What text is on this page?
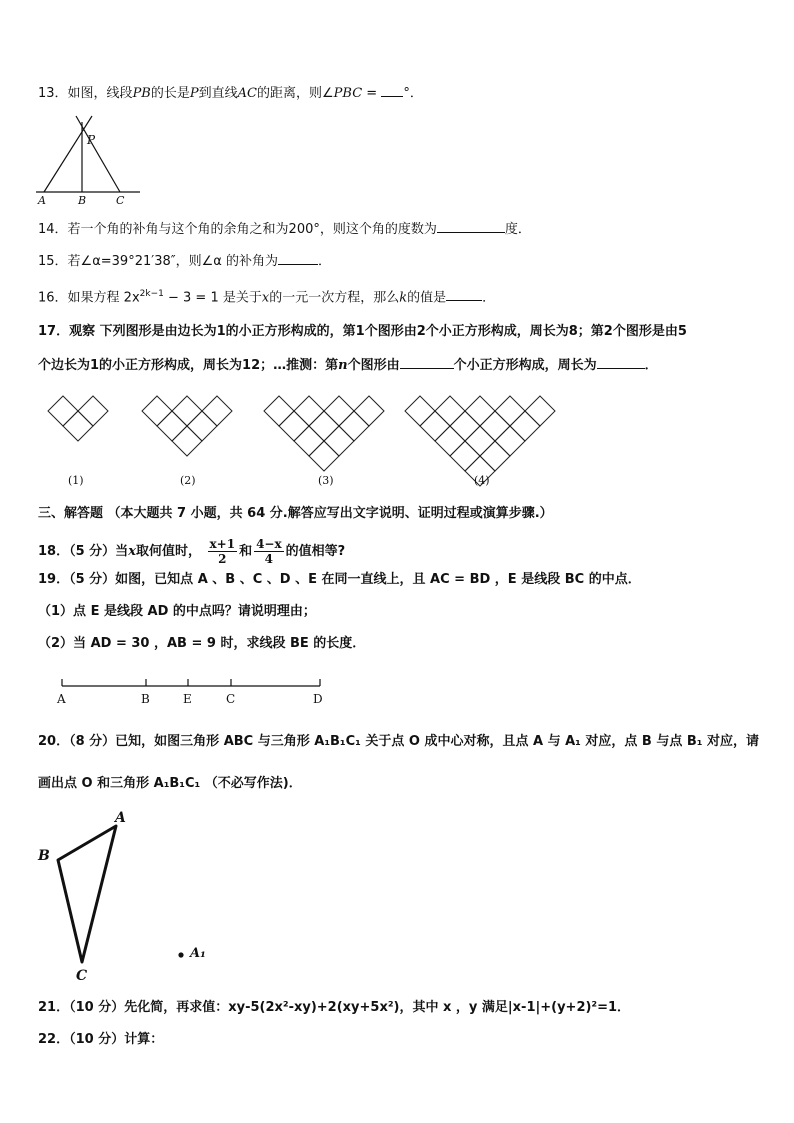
13．如图，线段PB的长是P到直线AC的距离，则∠PBC = °．
P
A	B	C
14．若一个角的补角与这个角的余角之和为200°，则这个角的度数为	度．
15．若∠α=39°21′38″，则∠α 的补角为	．
16．如果方程 $2x^{2k-1} - 3 = 1$ 是关于x的一元一次方程，那么k的值是	．
17．观察 下列图形是由边长为1的小正方形构成的，第1个图形由2个小正方形构成，周长为8；第2个图形是由5
个边长为1的小正方形构成，周长为12；…推测：第n个图形由	个小正方形构成，周长为	．
(1)	(2)	(3)	(4)
三、解答题 （本大题共 7 小题，共 64 分.解答应写出文字说明、证明过程或演算步骤.）
18．（5 分）当x取何值时， $\frac{x+1}{2}$ 和 $\frac{4-x}{4}$ 的值相等?
19．（5 分）如图，已知点 A 、B 、C 、D 、E 在同一直线上，且 AC = BD ，E 是线段 BC 的中点．
（1）点 E 是线段 AD 的中点吗？请说明理由；
（2）当 AD = 30 ，AB = 9 时，求线段 BE 的长度．
A	B	E	C	D
20．（8 分）已知，如图三角形 ABC 与三角形 A₁B₁C₁ 关于点 O 成中心对称，且点 A 与 A₁ 对应，点 B 与点 B₁ 对应，请
画出点 O 和三角形 A₁B₁C₁ （不必写作法)．
A
B
C
A₁
21．（10 分）先化简，再求值：xy-5(2x²-xy)+2(xy+5x²)，其中 x ，y 满足|x-1|+(y+2)²=1．
22．（10 分）计算：
